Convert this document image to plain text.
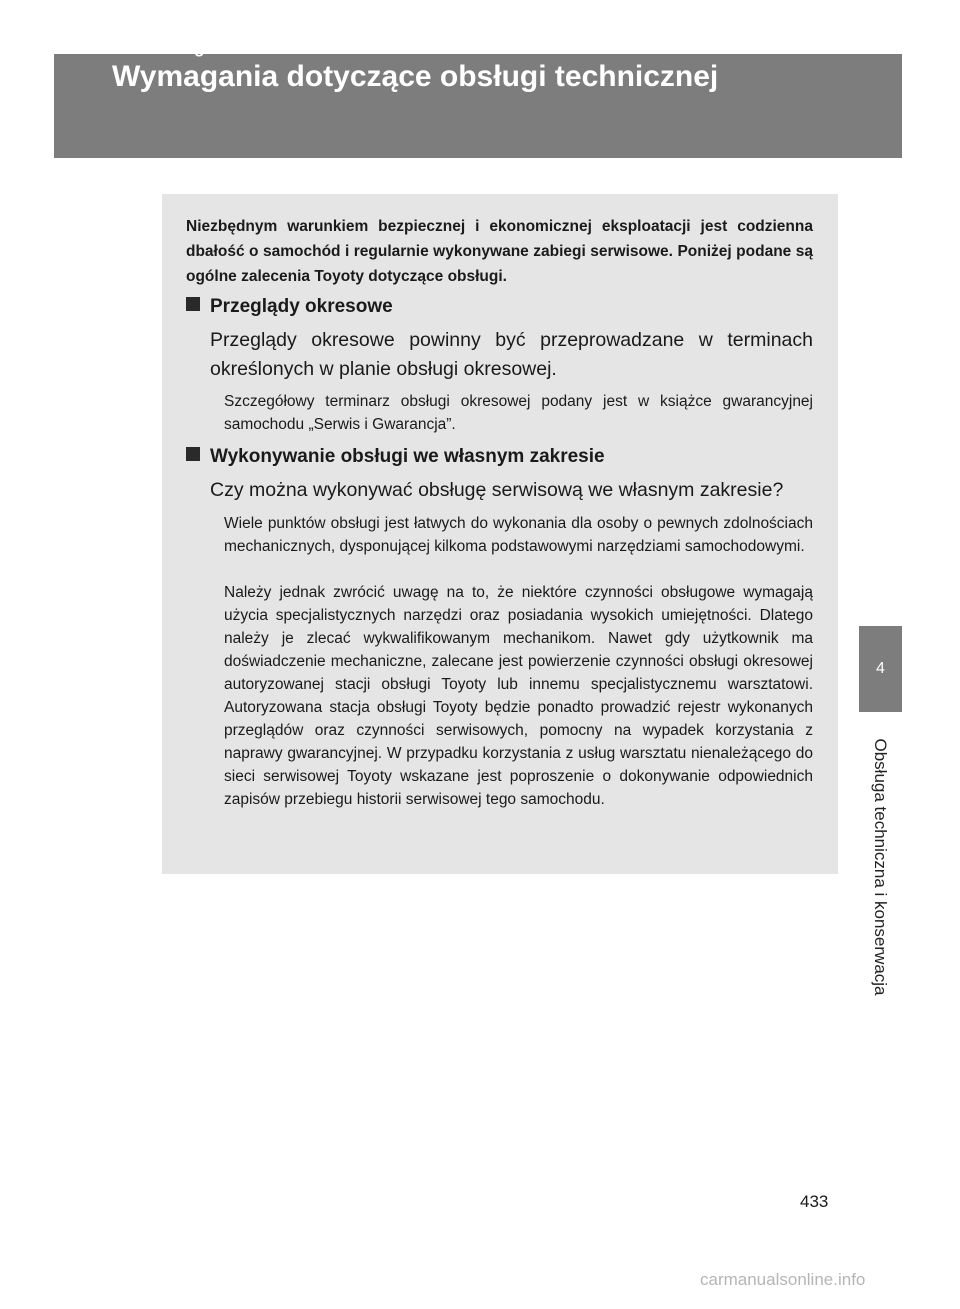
4-2. Obsługa techniczna
Wymagania dotyczące obsługi technicznej
4
Obsługa techniczna i konserwacja

Niezbędnym warunkiem bezpiecznej i ekonomicznej eksploatacji jest codzienna dbałość o samochód i regularnie wykonywane zabiegi serwisowe. Poniżej podane są ogólne zalecenia Toyoty dotyczące obsługi.

Przeglądy okresowe

Przeglądy okresowe powinny być przeprowadzane w terminach określonych w planie obsługi okresowej.

Szczegółowy terminarz obsługi okresowej podany jest w książce gwarancyjnej samochodu „Serwis i Gwarancja”.

Wykonywanie obsługi we własnym zakresie

Czy można wykonywać obsługę serwisową we własnym zakresie?

Wiele punktów obsługi jest łatwych do wykonania dla osoby o pewnych zdolnościach mechanicznych, dysponującej kilkoma podstawowymi narzędziami samochodowymi.

Należy jednak zwrócić uwagę na to, że niektóre czynności obsługowe wymagają użycia specjalistycznych narzędzi oraz posiadania wysokich umiejętności. Dlatego należy je zlecać wykwalifikowanym mechanikom. Nawet gdy użytkownik ma doświadczenie mechaniczne, zalecane jest powierzenie czynności obsługi okresowej autoryzowanej stacji obsługi Toyoty lub innemu specjalistycznemu warsztatowi. Autoryzowana stacja obsługi Toyoty będzie ponadto prowadzić rejestr wykonanych przeglądów oraz czynności serwisowych, pomocny na wypadek korzystania z naprawy gwarancyjnej. W przypadku korzystania z usług warsztatu nienależącego do sieci serwisowej Toyoty wskazane jest poproszenie o dokonywanie odpowiednich zapisów przebiegu historii serwisowej tego samochodu.

433
carmanualsonline.info
